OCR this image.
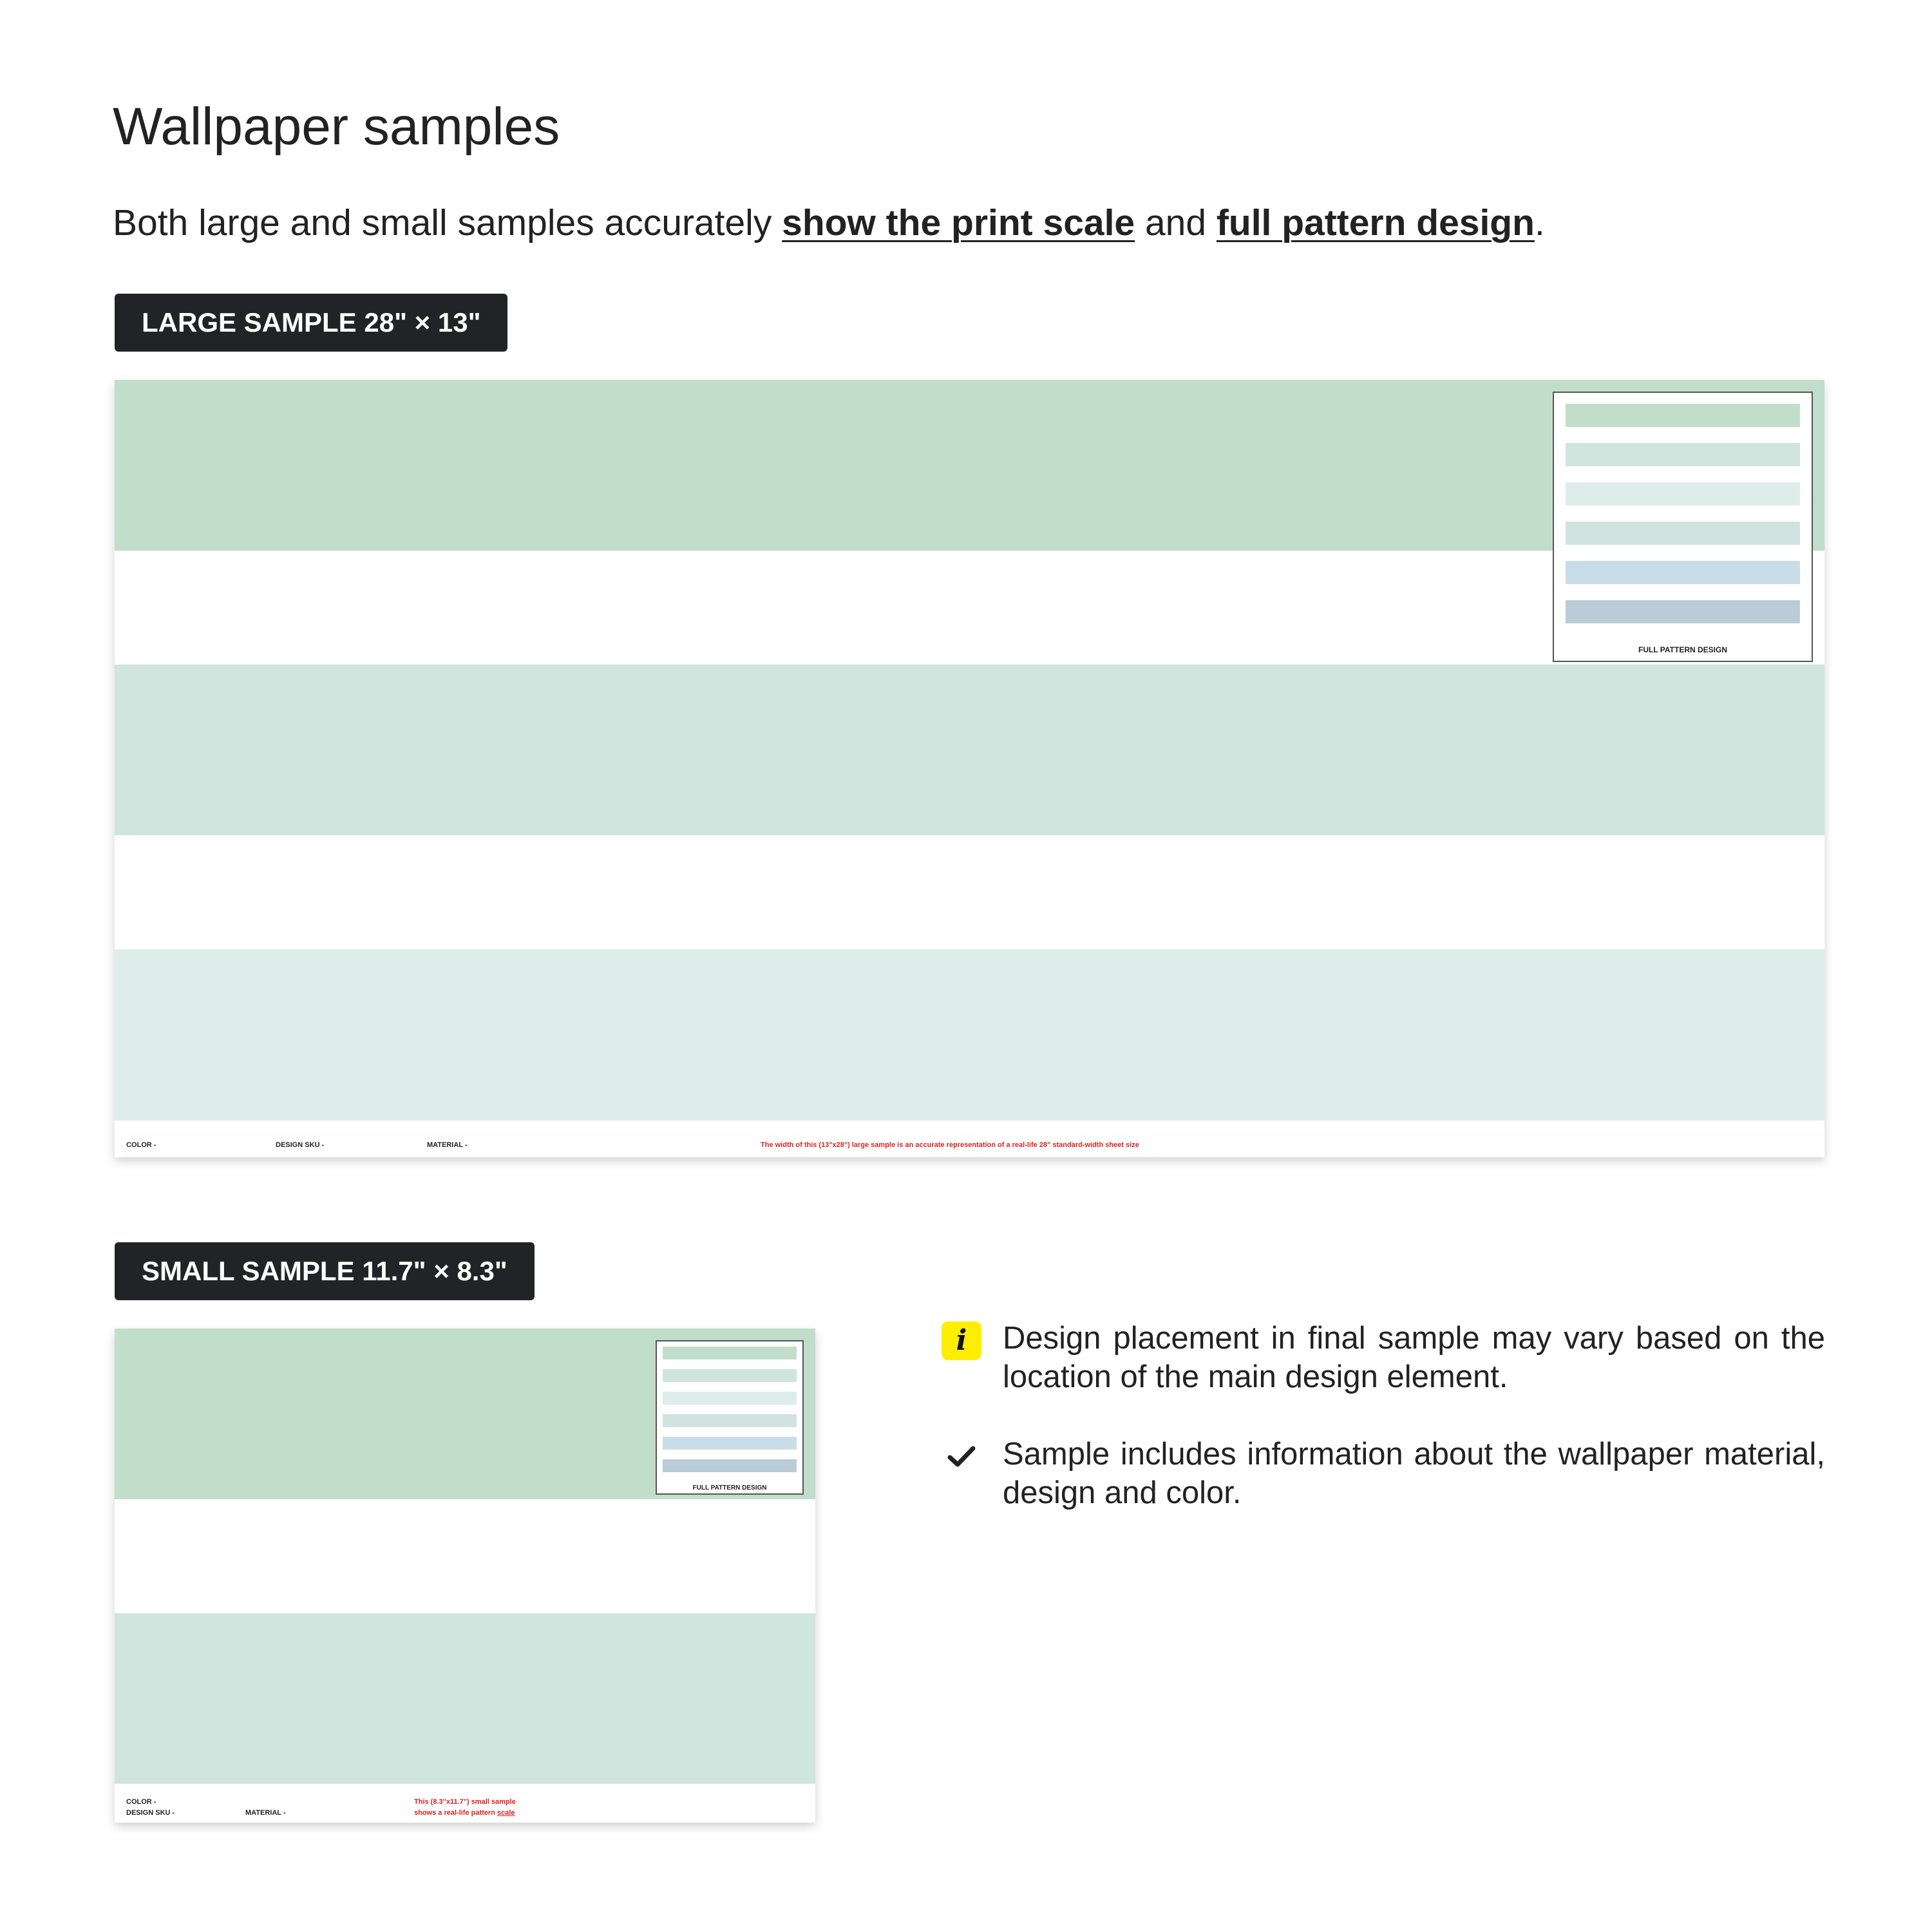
Wallpaper samples

Both large and small samples accurately show the print scale and full pattern design.

LARGE SAMPLE 28" × 13"
FULL PATTERN DESIGN
COLOR -	DESIGN SKU -	MATERIAL -	The width of this (13"x28") large sample is an accurate representation of a real-life 28" standard-width sheet size
SMALL SAMPLE 11.7" × 8.3"
FULL PATTERN DESIGN
COLOR -
DESIGN SKU -	MATERIAL -
This (8.3"x11.7") small sample
shows a real-life pattern scale
i	Design placement in final sample may vary based on the location of the main design element.
Sample includes information about the wallpaper material, design and color.
